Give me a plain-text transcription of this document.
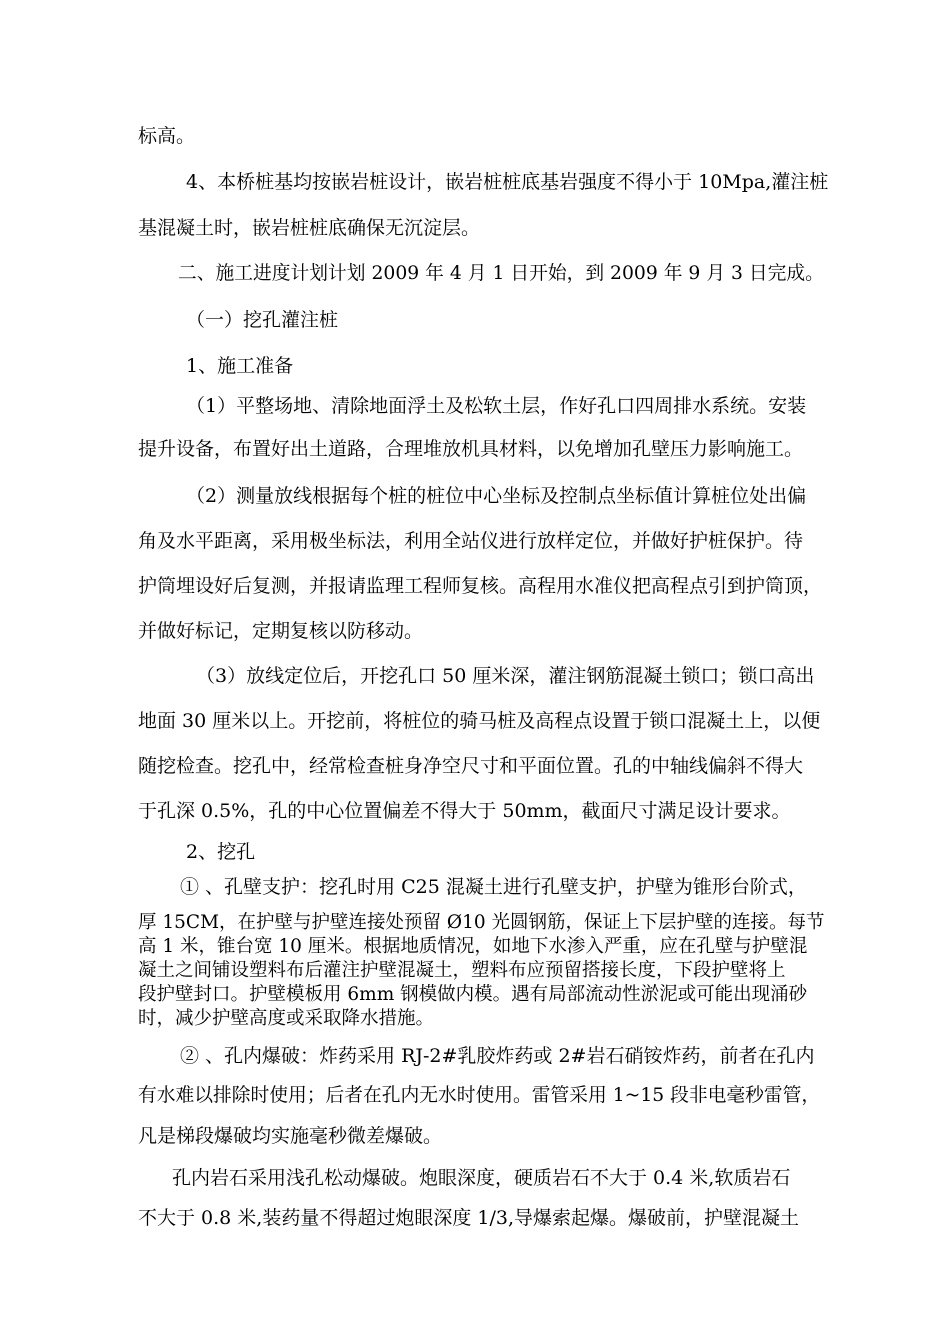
标高。
4、本桥桩基均按嵌岩桩设计，嵌岩桩桩底基岩强度不得小于 10Mpa,灌注桩
基混凝土时，嵌岩桩桩底确保无沉淀层。
二、施工进度计划计划 2009 年 4 月 1 日开始，到 2009 年 9 月 3 日完成。
（一）挖孔灌注桩
1、施工准备
（1）平整场地、清除地面浮土及松软土层，作好孔口四周排水系统。安装
提升设备，布置好出土道路，合理堆放机具材料，以免增加孔壁压力影响施工。
（2）测量放线根据每个桩的桩位中心坐标及控制点坐标值计算桩位处出偏
角及水平距离，采用极坐标法，利用全站仪进行放样定位，并做好护桩保护。待
护筒埋设好后复测，并报请监理工程师复核。高程用水准仪把高程点引到护筒顶，
并做好标记，定期复核以防移动。
（3）放线定位后，开挖孔口 50 厘米深，灌注钢筋混凝土锁口；锁口高出
地面 30 厘米以上。开挖前，将桩位的骑马桩及高程点设置于锁口混凝土上，以便
随挖检查。挖孔中，经常检查桩身净空尺寸和平面位置。孔的中轴线偏斜不得大
于孔深 0.5%，孔的中心位置偏差不得大于 50mm，截面尺寸满足设计要求。
2、挖孔
① 、孔壁支护：挖孔时用 C25 混凝土进行孔壁支护，护壁为锥形台阶式，
厚 15CM，在护壁与护壁连接处预留 Ø10 光圆钢筋，保证上下层护壁的连接。每节
高 1 米，锥台宽 10 厘米。根据地质情况，如地下水渗入严重，应在孔壁与护壁混
凝土之间铺设塑料布后灌注护壁混凝土，塑料布应预留搭接长度，下段护壁将上
段护壁封口。护壁模板用 6mm 钢模做内模。遇有局部流动性淤泥或可能出现涌砂
时，减少护壁高度或采取降水措施。
② 、孔内爆破：炸药采用 RJ-2#乳胶炸药或 2#岩石硝铵炸药，前者在孔内
有水难以排除时使用；后者在孔内无水时使用。雷管采用 1~15 段非电毫秒雷管，
凡是梯段爆破均实施毫秒微差爆破。
孔内岩石采用浅孔松动爆破。炮眼深度，硬质岩石不大于 0.4 米,软质岩石
不大于 0.8 米,装药量不得超过炮眼深度 1/3,导爆索起爆。爆破前，护壁混凝土
